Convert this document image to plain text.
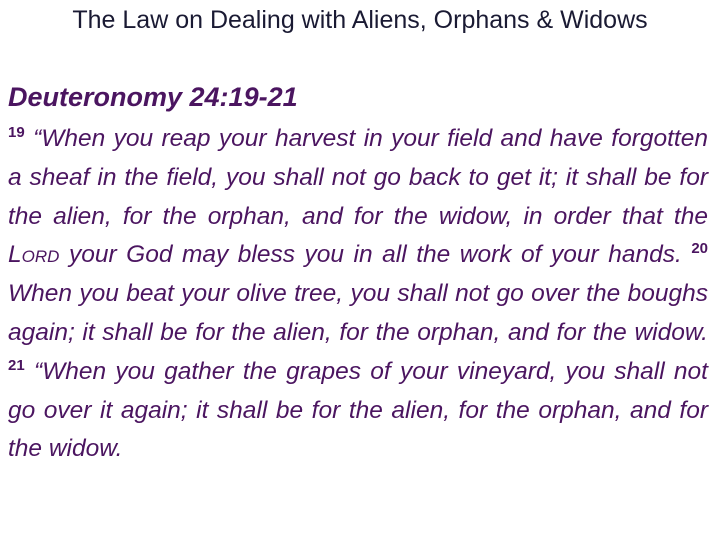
The Law on Dealing with Aliens, Orphans & Widows
Deuteronomy 24:19-21
$^{19}$ “When you reap your harvest in your field and have forgotten a sheaf in the field, you shall not go back to get it; it shall be for the alien, for the orphan, and for the widow, in order that the Lord your God may bless you in all the work of your hands. $^{20}$ When you beat your olive tree, you shall not go over the boughs again; it shall be for the alien, for the orphan, and for the widow. $^{21}$ “When you gather the grapes of your vineyard, you shall not go over it again; it shall be for the alien, for the orphan, and for the widow.
